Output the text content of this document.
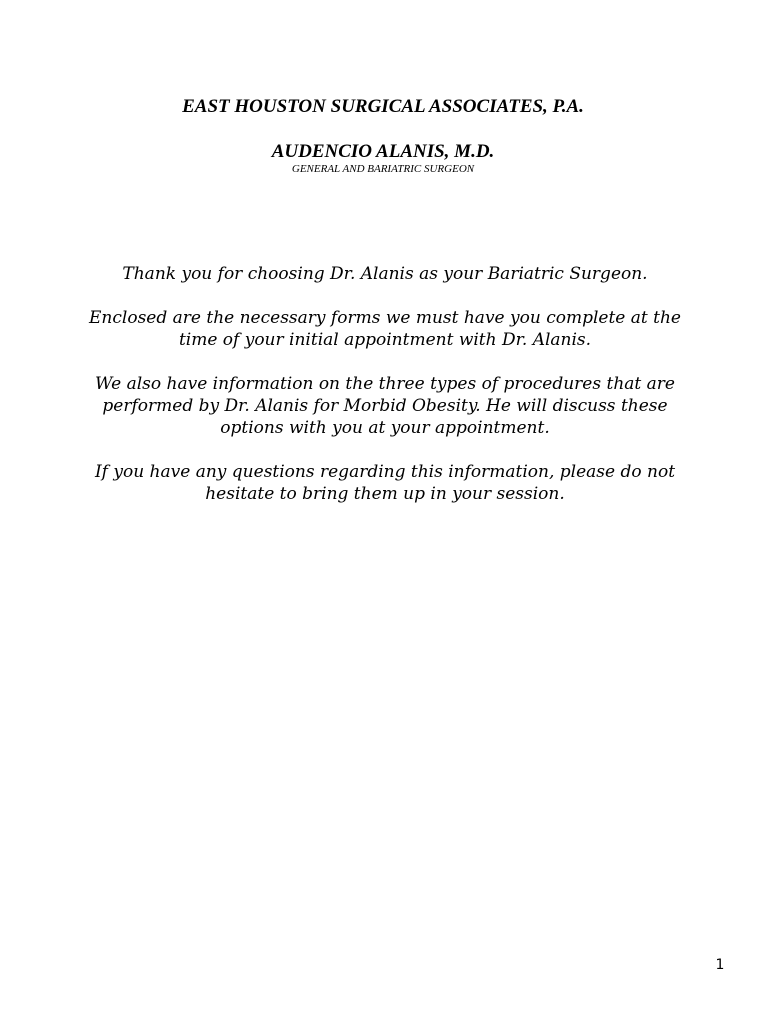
EAST HOUSTON SURGICAL ASSOCIATES, P.A.
AUDENCIO ALANIS, M.D.
GENERAL AND BARIATRIC SURGEON

Thank you for choosing Dr. Alanis as your Bariatric Surgeon.

Enclosed are the necessary forms we must have you complete at the
time of your initial appointment with Dr. Alanis.

We also have information on the three types of procedures that are
performed by Dr. Alanis for Morbid Obesity. He will discuss these
options with you at your appointment.

If you have any questions regarding this information, please do not
hesitate to bring them up in your session.

1
